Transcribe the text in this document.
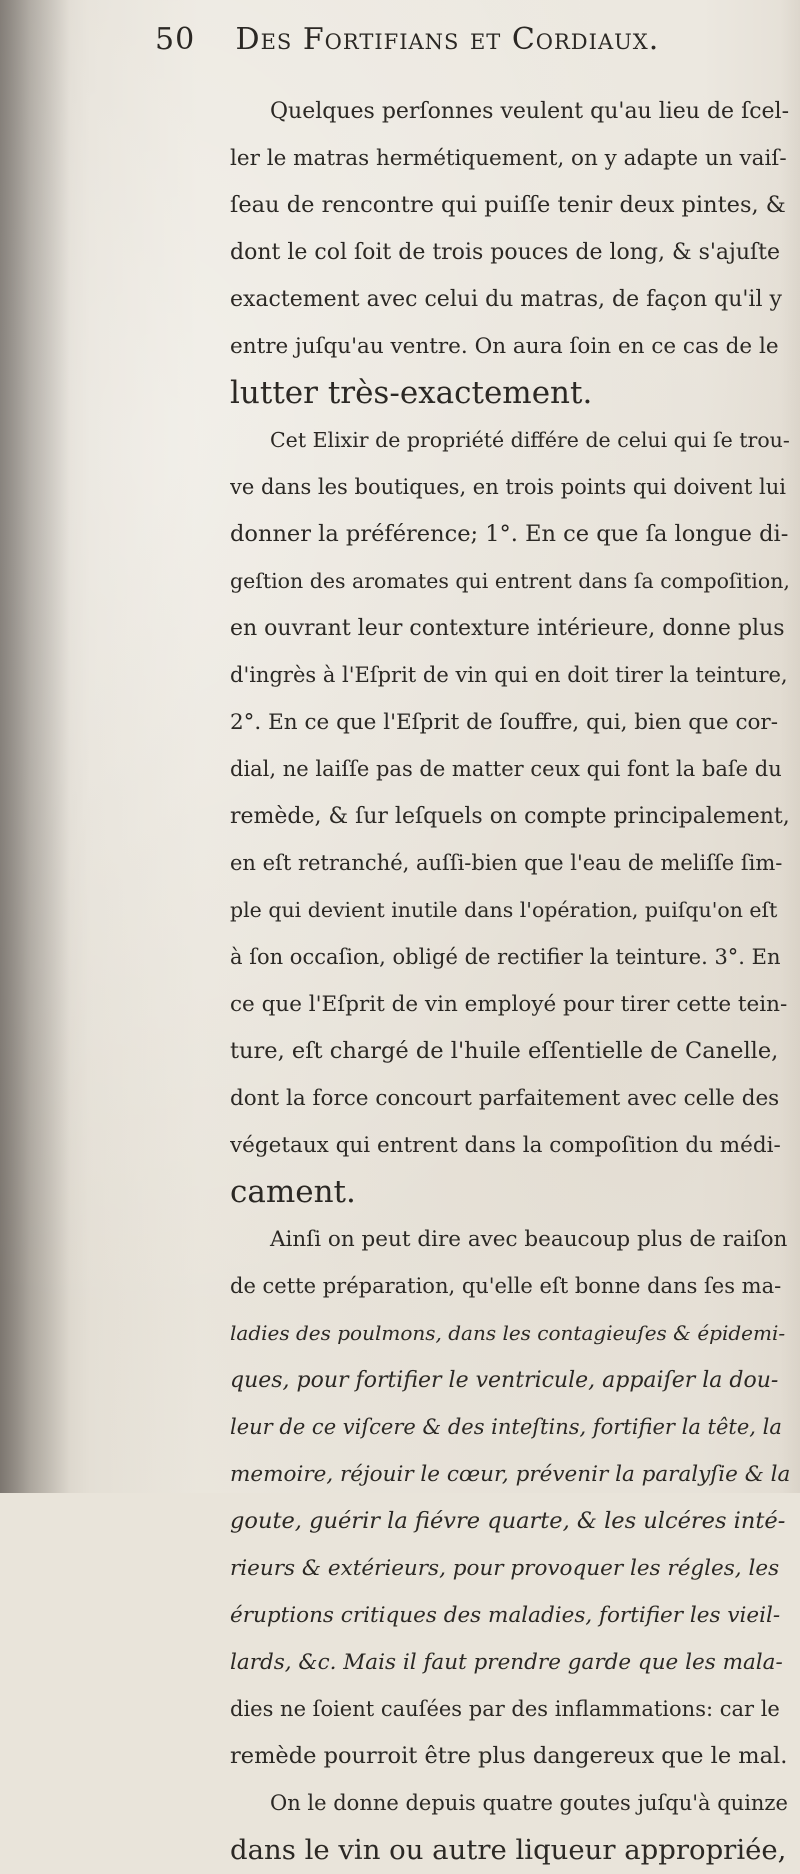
50 Des Fortifians et Cordiaux.
Quelques perſonnes veulent qu'au lieu de ſcel-
ler le matras hermétiquement, on y adapte un vaiſ-
ſeau de rencontre qui puiſſe tenir deux pintes, &
dont le col ſoit de trois pouces de long, & s'ajuſte
exactement avec celui du matras, de façon qu'il y
entre juſqu'au ventre. On aura ſoin en ce cas de le
lutter très-exactement.
Cet Elixir de propriété différe de celui qui ſe trou-
ve dans les boutiques, en trois points qui doivent lui
donner la préférence; 1°. En ce que ſa longue di-
geſtion des aromates qui entrent dans ſa compoſition,
en ouvrant leur contexture intérieure, donne plus
d'ingrès à l'Eſprit de vin qui en doit tirer la teinture,
2°. En ce que l'Eſprit de ſouffre, qui, bien que cor-
dial, ne laiſſe pas de matter ceux qui font la baſe du
remède, & ſur leſquels on compte principalement,
en eſt retranché, auſſi-bien que l'eau de meliſſe ſim-
ple qui devient inutile dans l'opération, puiſqu'on eſt
à ſon occaſion, obligé de rectifier la teinture. 3°. En
ce que l'Eſprit de vin employé pour tirer cette tein-
ture, eſt chargé de l'huile eſſentielle de Canelle,
dont la force concourt parfaitement avec celle des
végetaux qui entrent dans la compoſition du médi-
cament.
Ainſi on peut dire avec beaucoup plus de raiſon
de cette préparation, qu'elle eſt bonne dans ſes ma-
ladies des poulmons, dans les contagieuſes & épidemi-
ques, pour fortifier le ventricule, appaiſer la dou-
leur de ce viſcere & des inteſtins, fortifier la tête, la
memoire, réjouir le cœur, prévenir la paralyſie & la
goute, guérir la fiévre quarte, & les ulcéres inté-
rieurs & extérieurs, pour provoquer les régles, les
éruptions critiques des maladies, fortifier les vieil-
lards, &c. Mais il faut prendre garde que les mala-
dies ne ſoient cauſées par des inflammations: car le
remède pourroit être plus dangereux que le mal.
On le donne depuis quatre goutes juſqu'à quinze
dans le vin ou autre liqueur appropriée,
